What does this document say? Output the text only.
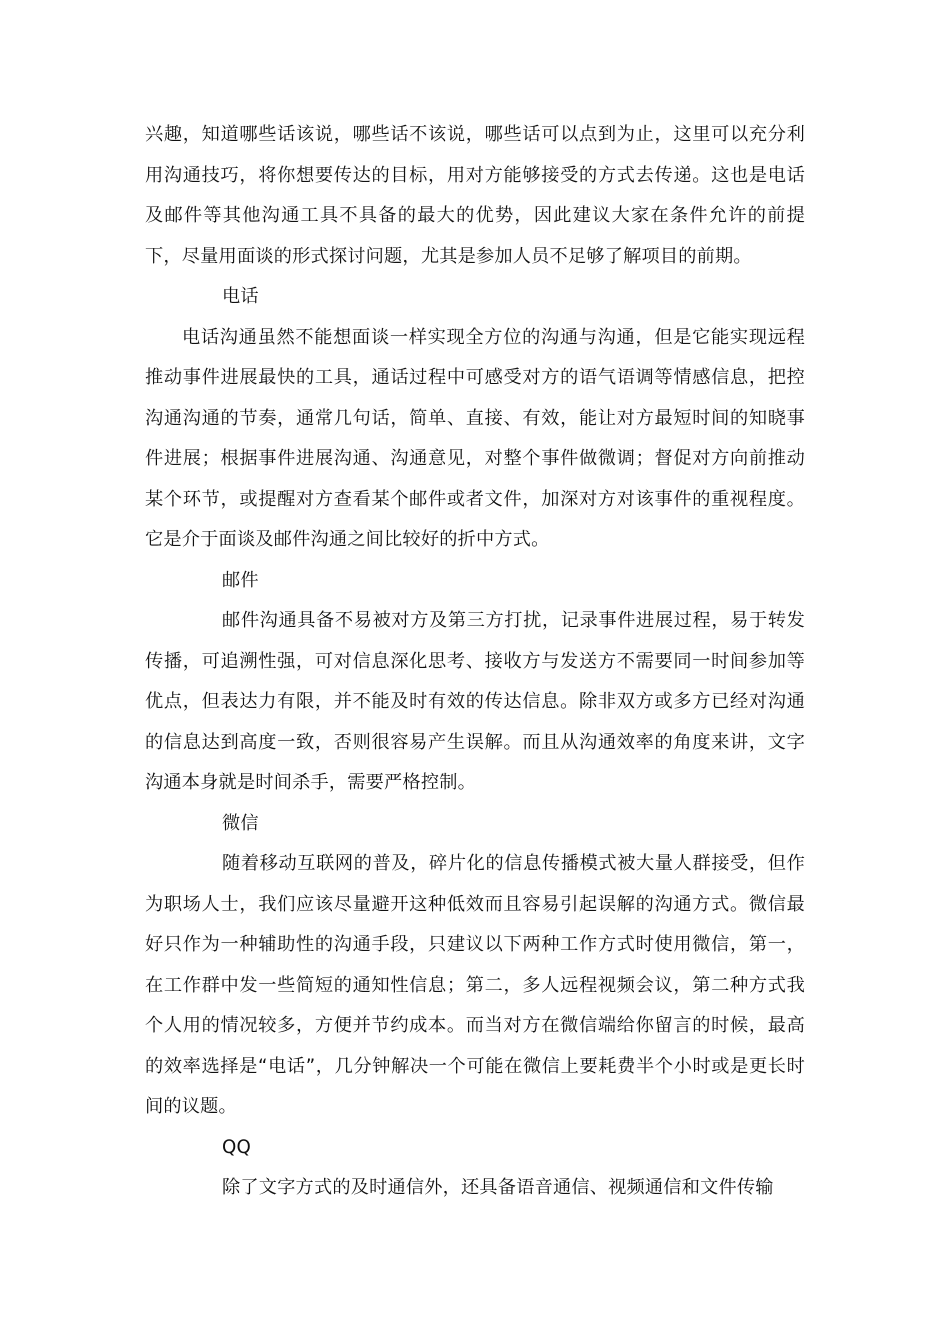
兴趣，知道哪些话该说，哪些话不该说，哪些话可以点到为止，这里可以充分利用沟通技巧，将你想要传达的目标，用对方能够接受的方式去传递。这也是电话及邮件等其他沟通工具不具备的最大的优势，因此建议大家在条件允许的前提下，尽量用面谈的形式探讨问题，尤其是参加人员不足够了解项目的前期。

电话

电话沟通虽然不能想面谈一样实现全方位的沟通与沟通，但是它能实现远程推动事件进展最快的工具，通话过程中可感受对方的语气语调等情感信息，把控沟通沟通的节奏，通常几句话，简单、直接、有效，能让对方最短时间的知晓事件进展；根据事件进展沟通、沟通意见，对整个事件做微调；督促对方向前推动某个环节，或提醒对方查看某个邮件或者文件，加深对方对该事件的重视程度。它是介于面谈及邮件沟通之间比较好的折中方式。

邮件

邮件沟通具备不易被对方及第三方打扰，记录事件进展过程，易于转发传播，可追溯性强，可对信息深化思考、接收方与发送方不需要同一时间参加等优点，但表达力有限，并不能及时有效的传达信息。除非双方或多方已经对沟通的信息达到高度一致，否则很容易产生误解。而且从沟通效率的角度来讲，文字沟通本身就是时间杀手，需要严格控制。

微信

随着移动互联网的普及，碎片化的信息传播模式被大量人群接受，但作为职场人士，我们应该尽量避开这种低效而且容易引起误解的沟通方式。微信最好只作为一种辅助性的沟通手段，只建议以下两种工作方式时使用微信，第一，在工作群中发一些简短的通知性信息；第二，多人远程视频会议，第二种方式我个人用的情况较多，方便并节约成本。而当对方在微信端给你留言的时候，最高的效率选择是“电话”，几分钟解决一个可能在微信上要耗费半个小时或是更长时间的议题。

QQ

除了文字方式的及时通信外，还具备语音通信、视频通信和文件传输
